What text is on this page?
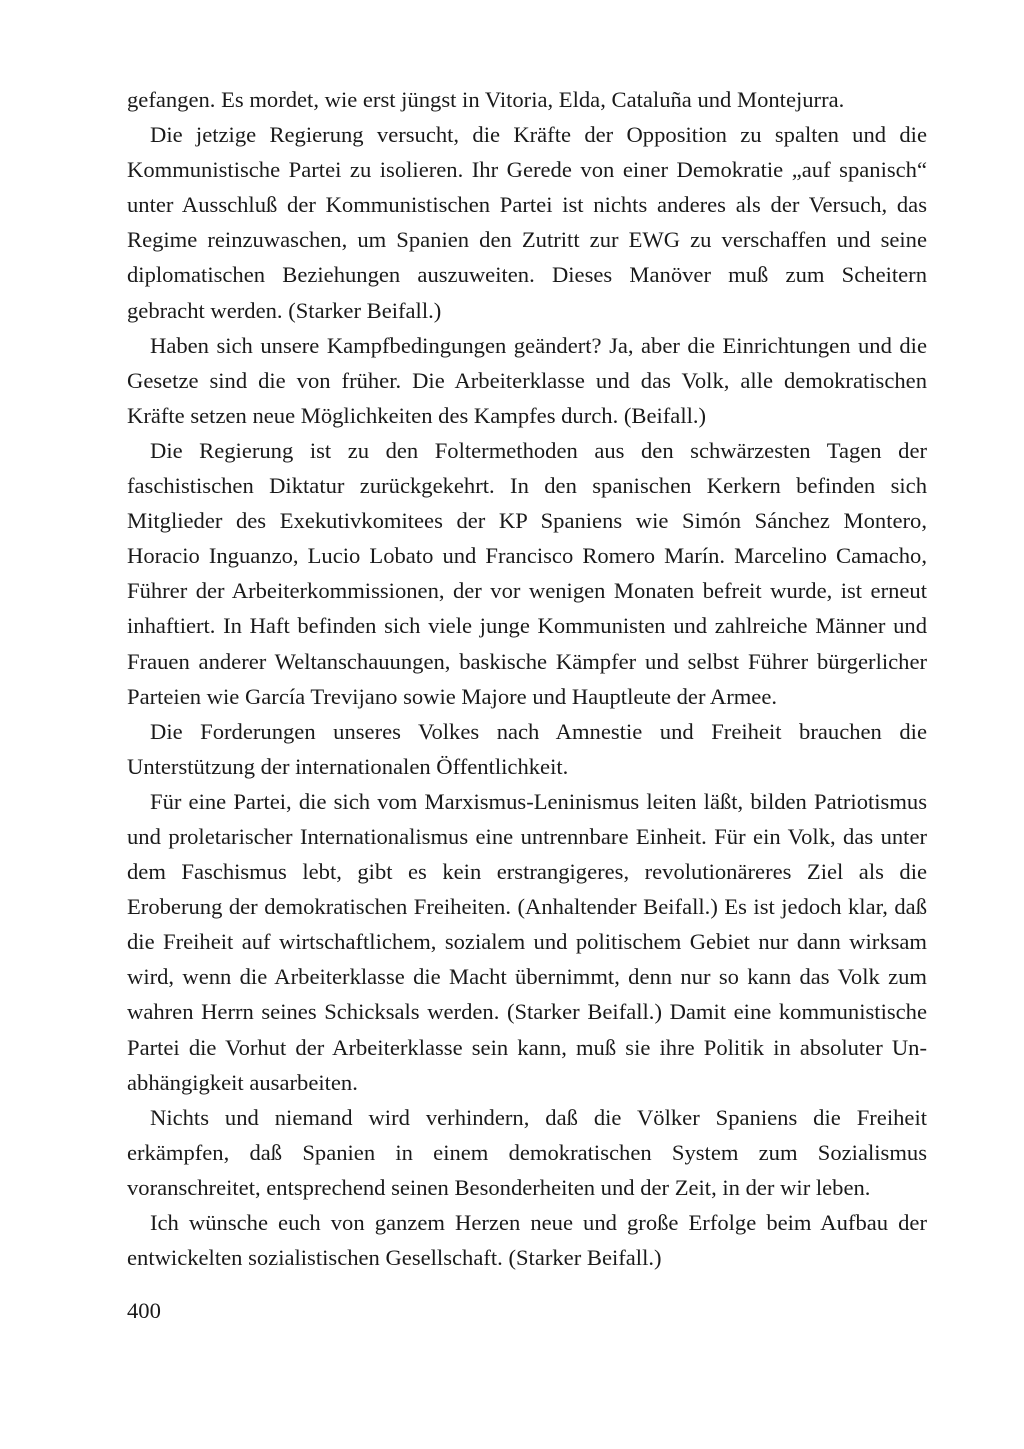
gefangen. Es mordet, wie erst jüngst in Vitoria, Elda, Cataluña und Montejurra.

Die jetzige Regierung versucht, die Kräfte der Opposition zu spalten und die Kommunistische Partei zu isolieren. Ihr Gerede von einer Demokratie „auf spanisch“ unter Ausschluß der Kommunistischen Partei ist nichts anderes als der Versuch, das Regime reinzuwaschen, um Spanien den Zutritt zur EWG zu verschaffen und seine diplomatischen Beziehungen auszuweiten. Dieses Manöver muß zum Scheitern gebracht werden. (Starker Beifall.)

Haben sich unsere Kampfbedingungen geändert? Ja, aber die Einrichtungen und die Gesetze sind die von früher. Die Arbeiterklasse und das Volk, alle demokratischen Kräfte setzen neue Möglichkeiten des Kampfes durch. (Beifall.)

Die Regierung ist zu den Foltermethoden aus den schwärzesten Tagen der faschistischen Diktatur zurückgekehrt. In den spanischen Kerkern befinden sich Mitglieder des Exekutivkomitees der KP Spaniens wie Simón Sánchez Montero, Horacio Inguanzo, Lucio Lobato und Francisco Romero Marín. Marcelino Camacho, Führer der Arbeiterkommissionen, der vor wenigen Monaten befreit wurde, ist erneut inhaftiert. In Haft befinden sich viele junge Kommunisten und zahlreiche Männer und Frauen anderer Weltanschauungen, baskische Kämpfer und selbst Führer bürgerlicher Parteien wie García Trevijano sowie Majore und Hauptleute der Armee.

Die Forderungen unseres Volkes nach Amnestie und Freiheit brauchen die Unterstützung der internationalen Öffentlichkeit.

Für eine Partei, die sich vom Marxismus-Leninismus leiten läßt, bilden Patriotismus und proletarischer Internationalismus eine untrennbare Einheit. Für ein Volk, das unter dem Faschismus lebt, gibt es kein erstrangigeres, revolutionäreres Ziel als die Eroberung der demokratischen Freiheiten. (Anhaltender Beifall.) Es ist jedoch klar, daß die Freiheit auf wirtschaftlichem, sozialem und politischem Gebiet nur dann wirksam wird, wenn die Arbeiterklasse die Macht übernimmt, denn nur so kann das Volk zum wahren Herrn seines Schicksals werden. (Starker Beifall.) Damit eine kommunistische Partei die Vorhut der Arbeiterklasse sein kann, muß sie ihre Politik in absoluter Unabhängigkeit ausarbeiten.

Nichts und niemand wird verhindern, daß die Völker Spaniens die Freiheit erkämpfen, daß Spanien in einem demokratischen System zum Sozialismus voranschreitet, entsprechend seinen Besonderheiten und der Zeit, in der wir leben.

Ich wünsche euch von ganzem Herzen neue und große Erfolge beim Aufbau der entwickelten sozialistischen Gesellschaft. (Starker Beifall.)

400
